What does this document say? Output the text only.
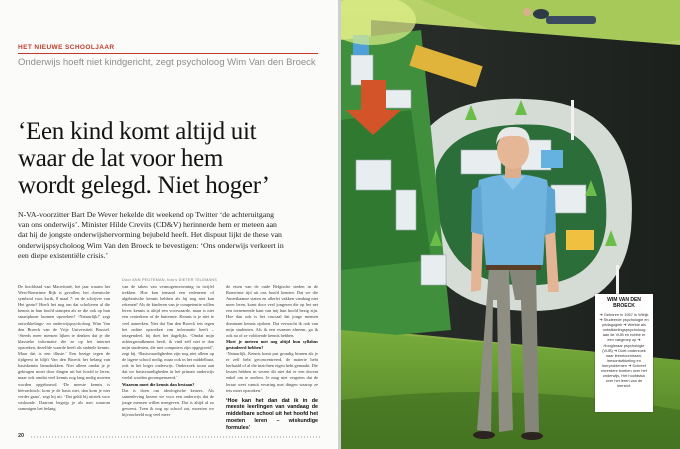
HET NIEUWE SCHOOLJAAR
Onderwijs hoeft niet kindgericht, zegt psycholoog Wim Van den Broeck
‘Een kind komt altijd uit
waar de lat voor hem
wordt gelegd. Niet hoger’
N-VA-voorzitter Bart De Wever hekelde dit weekend op Twitter ‘de achteruitgang
van ons onderwijs’. Minister Hilde Crevits (CD&V) herinnerde hem er meteen aan
dat hij de jongste onderwijshervorming bejubeld heeft. Het dispuut lijkt de these van
onderwijspsycholoog Wim Van den Broeck te bevestigen: ‘Ons onderwijs verkeert in
een diepe existentiële crisis.’
De hoofdstad van Macedonië, het jaar waarin het West-Romeinse Rijk is gevallen, het chemische symbool voor kwik, 8 maal 7: en de schrijver van Het gezin? Hoeft het nog om dat scholieren al die kennis in hun hoofd stampen als ze die ook op hun smartphone kunnen opzoeken? ‘Natuurlijk!’ zegt ontwikkelings- en onderwijspsycholoog Wim Van den Broeck van de Vrije Universiteit Brussel. ‘Steeds meer mensen lijken te denken dat je die klassieke informatie die ze op het internet opzoeken, dezelfde waarde heeft als stabiele kennis. Maar dat is een illusie.’ Een bezige tegen de tijdgeest in blijft Van den Broeck het belang van basiskennis benadrukken. Niet alleen omdat je je gebrugen moet door dingen uit het hoofd te leren, maar ook omdat veel kennis nog lang nodig moeten worden opgebouwd. ‘De meeste kennis is hiërarchisch: kom je de basis niet, dan kom je niet verder gaan’, zegt hij uit. ‘Dat geldt bij uitstek voor wiskunde. Daarom begrijp je als met waarom sommigen het belang
van de taken van vermogensvorming in twijfel trekken. Hoe kan iemand een redeneren of algebraïsche kennis hebben als hij nog niet kan rekenen? Als de kinderen van je competentie willen leren: kennis is altijd een voorwaarde, maar is niet een centerkern of de buitenste. Kennis is je niet te veel aanreiken. Niet dat Van den Broeck iets tegen het online opzoeken van informatie heeft – integendeel, hij doet het dagelijks. ‘Omdat mijn achtergrondkennis heeft, ik vind zelf niet te dan mijn studenten, die met computers zijn opgegroeid’, zegt hij. ‘Basisvaardigheden zijn nog niet alleen op de lagere school nodig, maar ook in het middelbaar, ook in het hoger onderwijs. Onderzoek toont aan dat we basisvaardigheden in het primair onderwijs veelal worden gecompenseerd.’
Waarom moet die kennis dan bestaan?
Dat is doen om ideologische keuzes. Als samenleving kiezen we voor een onderwijs dat de jonge mensen willen meegeven. Dat is altijd al zo geweest. Toen ik nog op school zat, moesten we bijvoorbeeld nog veel meer
de eisen van de oude Belgische steden in de Romeinse tijd uit ons hoofd kennen. Dat we die Amerikaanse staten en allerlei vakken vandaag niet meer leren, komt door veel jongeren die op het net een toenemende kant van mij hun hoofd bezig zijn. Hoe dan ook is het cruciaal dat jonge mensen dominant kennis opdoen. Dat verwacht ik ook van mijn studenten. Als ik een examen afneem, ga ik ook na of ze voldoende kennis hebben.
Moet je meteen met nog altijd hun syllabus gestudeerd hebben?
‘Natuurlijk. Kennis komt pas grondig binnen als je er zelf hebt geconcentreerd, de materie hebt herhaald of al die inzichten eigen hebt gemaakt. Die lessen hebben in wezen dit niet dat er een docent enkel om te zoeken. Je mag niet vergeten dat de leraar weet vanuit ervaring met dingen waarop ze iets moet opzoeken.’
‘Hoe kan het dan dat ik in de meeste leerlingen van vandaag de middelbare school uit het hoofd het moeten leren – wiskundige formules’
Door ANN PEUTEMAN, foto's DIETER TELEMANS
20
WIM VAN DEN
BROECK
➜ Geboren in 1957 in Wilrijk ➜ Studeerde psychologie en pedagogiek ➜ Werkte als ontwikkelingspsycholoog aan de VUB en richtte er een vakgroep op ➜ Hoogleraar psychologie (VUB) ➜ Doet onderzoek naar leerstoornissen, leesontwikkeling en leerproblemen ➜ Schreef meerdere boeken over het onderwijs, Het hoofdstuk over het leren van de leerstof.
